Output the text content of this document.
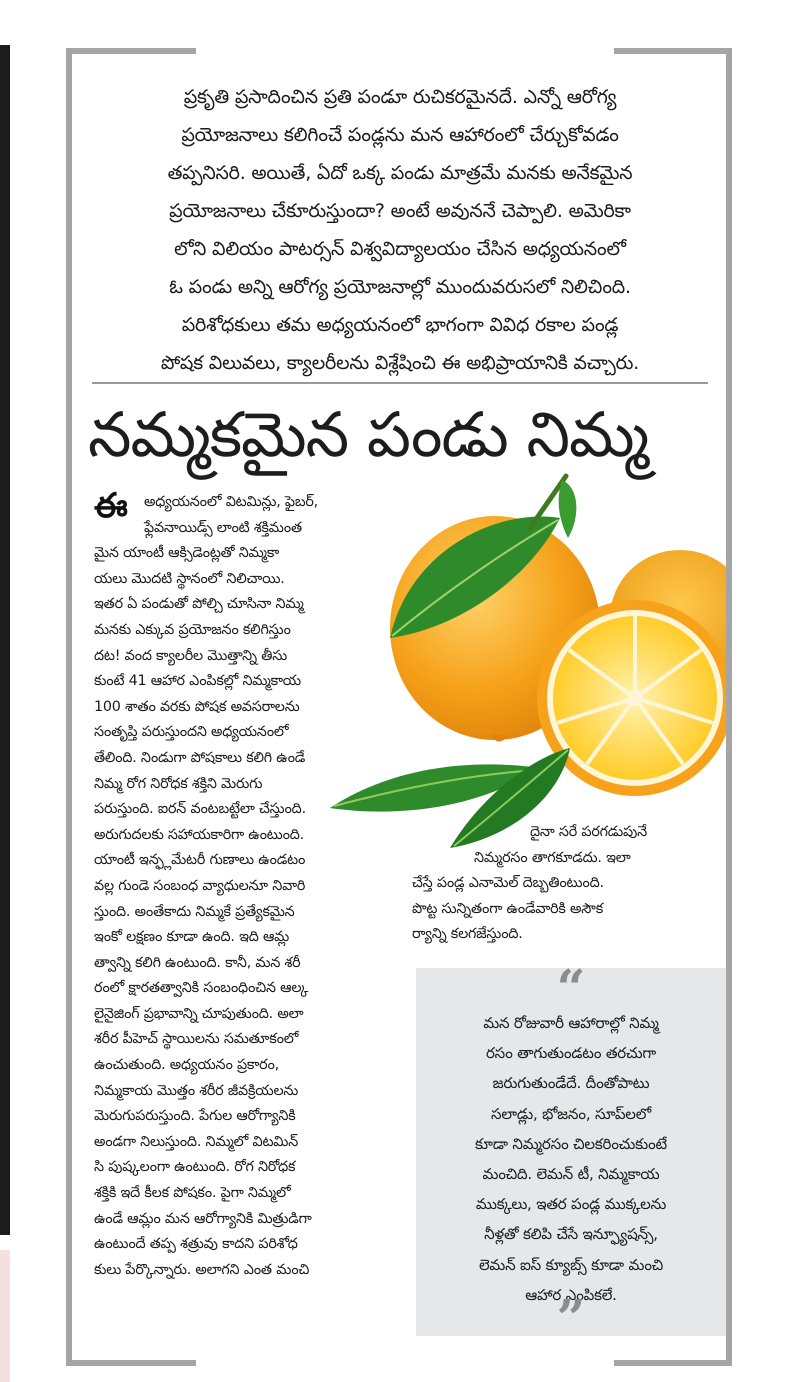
ప్రకృతి ప్రసాదించిన ప్రతి పండూ రుచికరమైనదే. ఎన్నో ఆరోగ్య
ప్రయోజనాలు కలిగించే పండ్లను మన ఆహారంలో చేర్చుకోవడం
తప్పనిసరి. అయితే, ఏదో ఒక్క పండు మాత్రమే మనకు అనేకమైన
ప్రయోజనాలు చేకూరుస్తుందా? అంటే అవుననే చెప్పాలి. అమెరికా
లోని విలియం పాటర్సన్ విశ్వవిద్యాలయం చేసిన అధ్యయనంలో
ఓ పండు అన్ని ఆరోగ్య ప్రయోజనాల్లో ముందువరుసలో నిలిచింది.
పరిశోధకులు తమ అధ్యయనంలో భాగంగా వివిధ రకాల పండ్ల
పోషక విలువలు, క్యాలరీలను విశ్లేషించి ఈ అభిప్రాయానికి వచ్చారు.
నమ్మకమైన పండు నిమ్మ
ఈ	అధ్యయనంలో విటమిన్లు, ఫైబర్,
ఫ్లేవనాయిడ్స్ లాంటి శక్తిమంత
మైన యాంటీ ఆక్సిడెంట్లతో నిమ్మకా
యలు మొదటి స్థానంలో నిలిచాయి.
ఇతర ఏ పండుతో పోల్చి చూసినా నిమ్మ
మనకు ఎక్కువ ప్రయోజనం కలిగిస్తుం
దట! వంద క్యాలరీల మొత్తాన్ని తీసు
కుంటే 41 ఆహార ఎంపికల్లో నిమ్మకాయ
100 శాతం వరకు పోషక అవసరాలను
సంతృప్తి పరుస్తుందని అధ్యయనంలో
తేలింది. నిండుగా పోషకాలు కలిగి ఉండే
నిమ్మ రోగ నిరోధక శక్తిని మెరుగు
పరుస్తుంది. ఐరన్ వంటబట్టేలా చేస్తుంది.
అరుగుదలకు సహాయకారిగా ఉంటుంది.
యాంటీ ఇన్ఫ్లమేటరీ గుణాలు ఉండటం
వల్ల గుండె సంబంధ వ్యాధులనూ నివారి
స్తుంది. అంతేకాదు నిమ్మకే ప్రత్యేకమైన
ఇంకో లక్షణం కూడా ఉంది. ఇది ఆమ్ల
త్వాన్ని కలిగి ఉంటుంది. కానీ, మన శరీ
రంలో క్షారతత్వానికి సంబంధించిన ఆల్క
లైనైజింగ్ ప్రభావాన్ని చూపుతుంది. అలా
శరీర పీహెచ్ స్థాయిలను సమతూకంలో
ఉంచుతుంది. అధ్యయనం ప్రకారం,
నిమ్మకాయ మొత్తం శరీర జీవక్రియలను
మెరుగుపరుస్తుంది. పేగుల ఆరోగ్యానికి
అండగా నిలుస్తుంది. నిమ్మలో విటమిన్
సి పుష్కలంగా ఉంటుంది. రోగ నిరోధక
శక్తికి ఇదే కీలక పోషకం. పైగా నిమ్మలో
ఉండే ఆమ్లం మన ఆరోగ్యానికి మిత్రుడిగా
ఉంటుందే తప్ప శత్రువు కాదని పరిశోధ
కులు పేర్కొన్నారు. అలాగని ఎంత మంచి
దైనా సరే పరగడుపునే
నిమ్మరసం తాగకూడదు. ఇలా
చేస్తే పండ్ల ఎనామెల్ దెబ్బతింటుంది.
పొట్ట సున్నితంగా ఉండేవారికి అసౌక
ర్యాన్ని కలగజేస్తుంది.
“
మన రోజువారీ ఆహారాల్లో నిమ్మ
రసం తాగుతుండటం తరచుగా
జరుగుతుండేదే. దీంతోపాటు
సలాడ్లు, భోజనం, సూప్‌లలో
కూడా నిమ్మరసం చిలకరించుకుంటే
మంచిది. లెమన్ టీ, నిమ్మకాయ
ముక్కలు, ఇతర పండ్ల ముక్కలను
నీళ్లతో కలిపి చేసే ఇన్ఫ్యూషన్స్,
లెమన్ ఐస్ క్యూబ్స్ కూడా మంచి
ఆహార ఎంపికలే.
”
